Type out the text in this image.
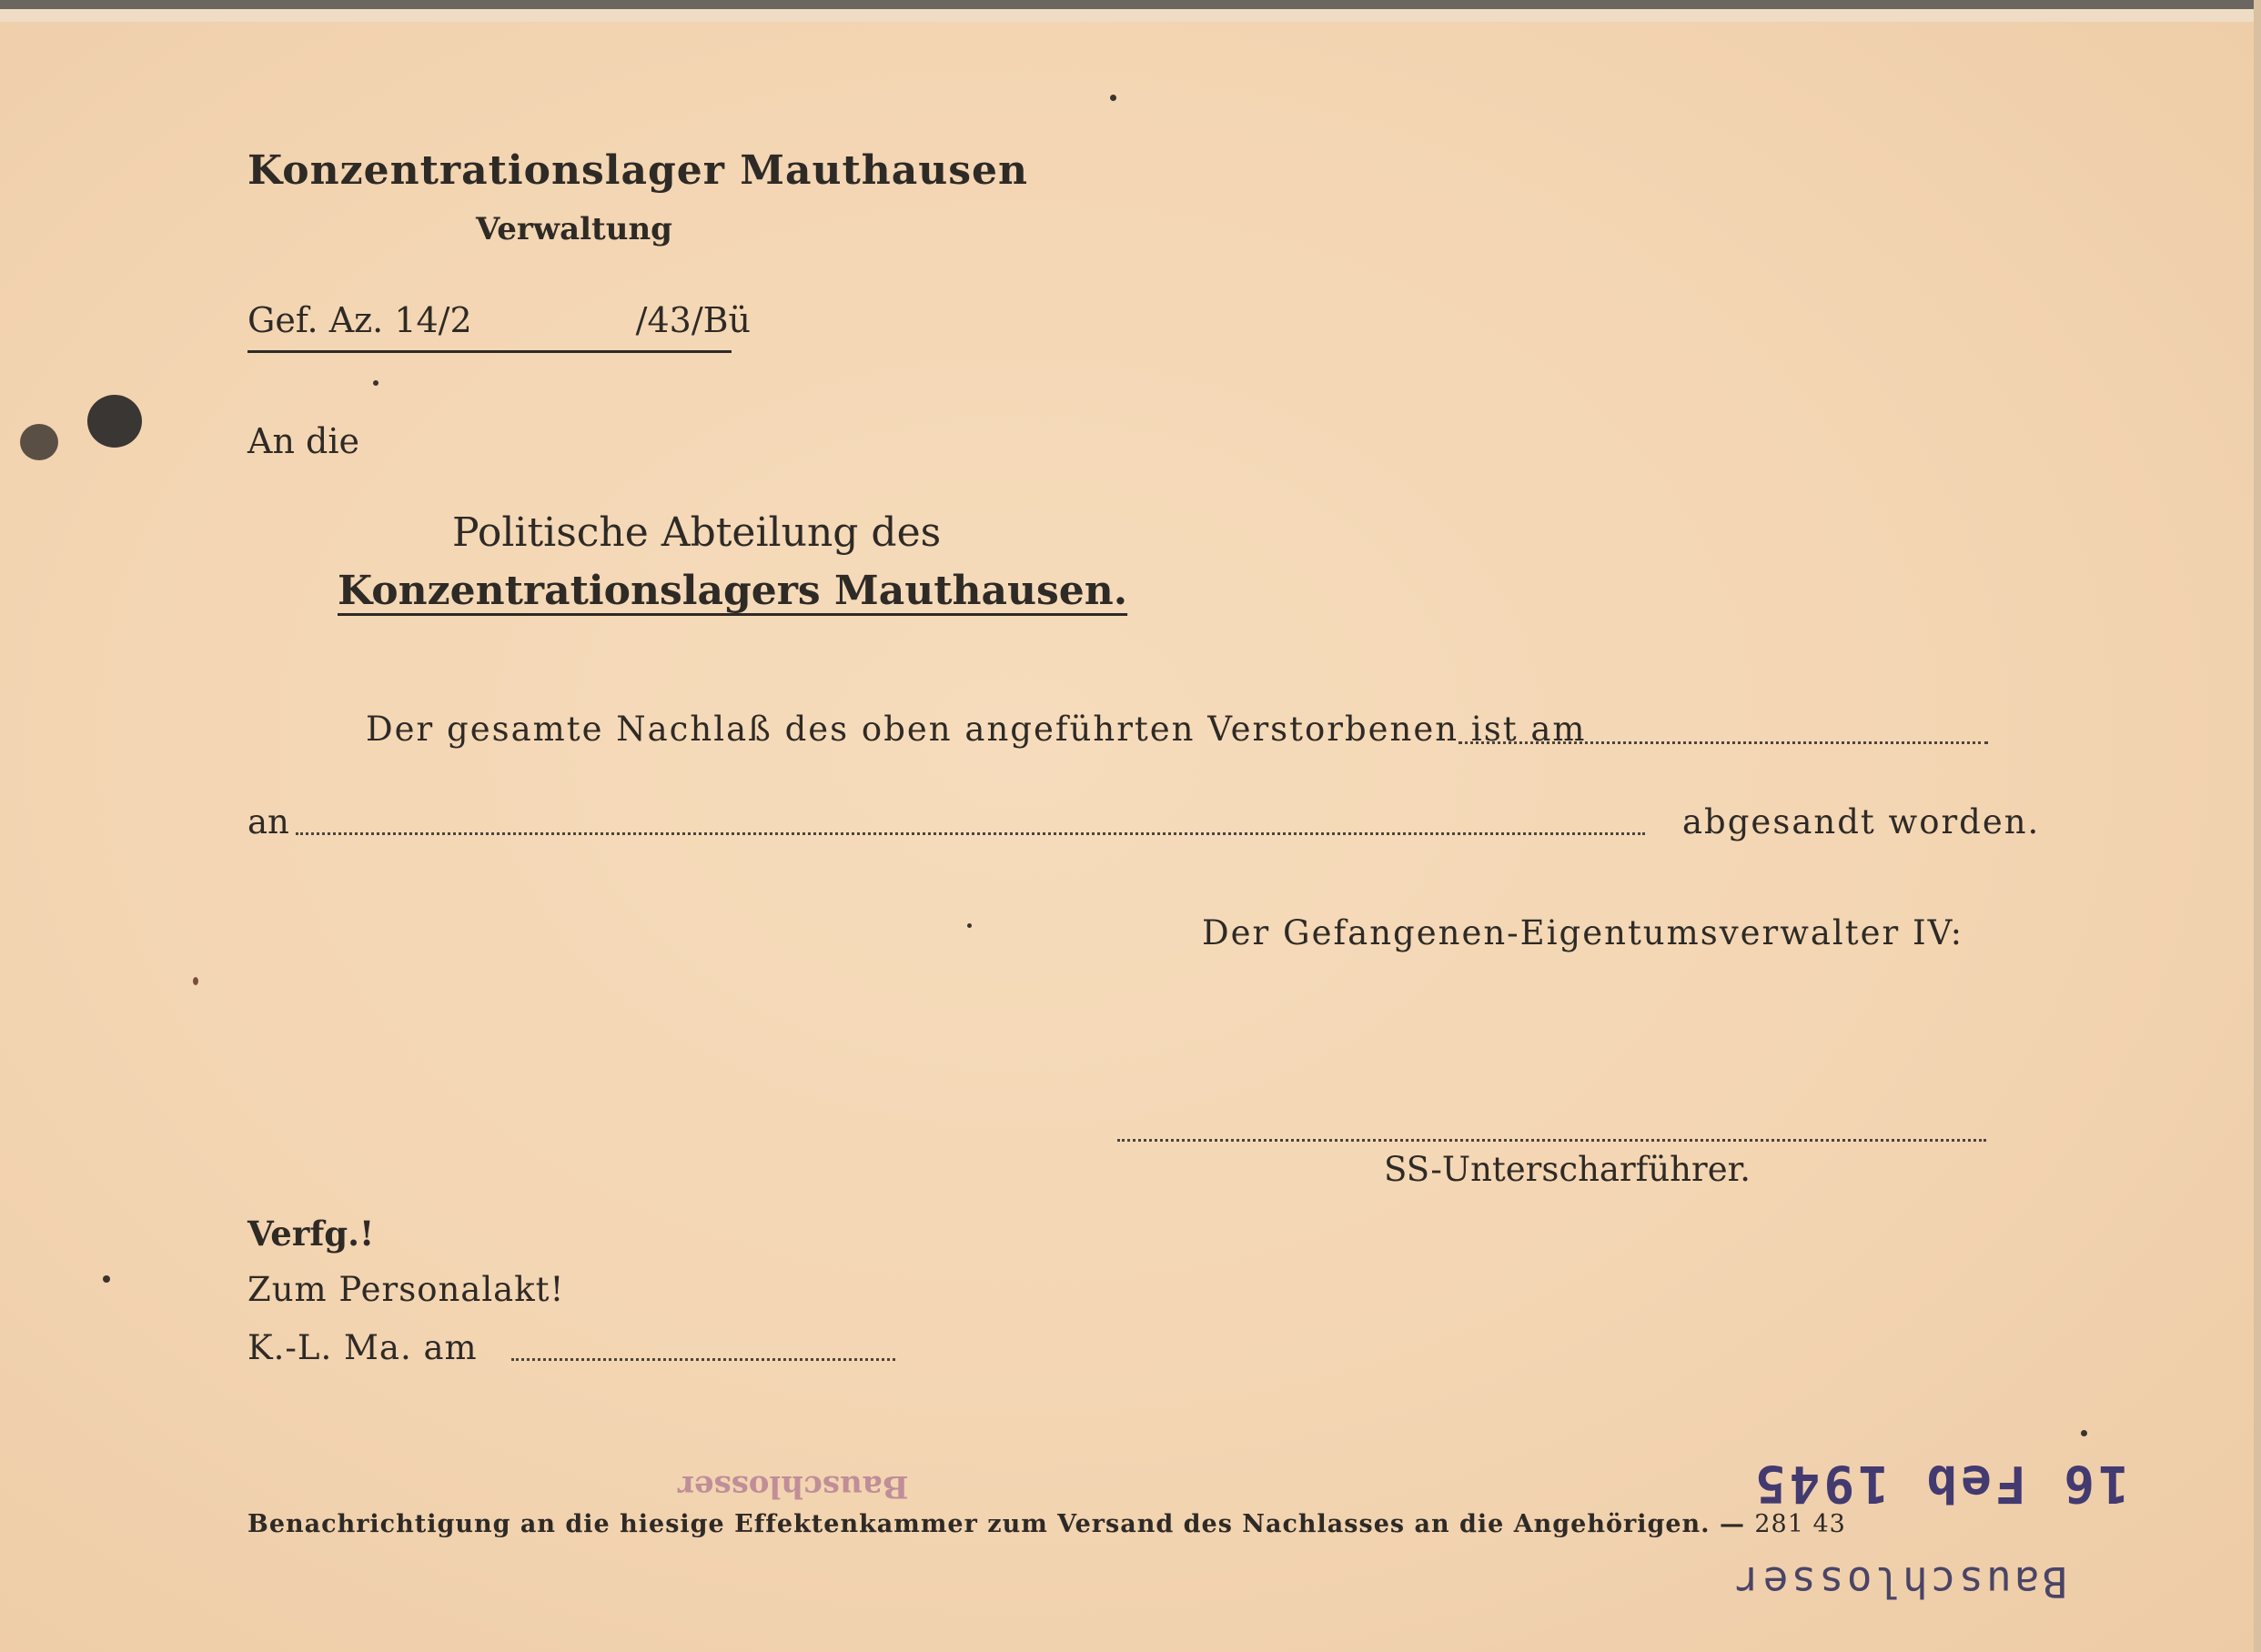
Konzentrationslager Mauthausen
Verwaltung
Gef. Az. 14/2	/43/Bü
An die
Politische Abteilung des
Konzentrationslagers Mauthausen.
Der gesamte Nachlaß des oben angeführten Verstorbenen ist am
an	abgesandt worden.
Der Gefangenen-Eigentumsverwalter IV:
SS-Unterscharführer.
Verfg.!
Zum Personalakt!
K.-L. Ma. am
Bauschlosser	16 Feb 1945
Benachrichtigung an die hiesige Effektenkammer zum Versand des Nachlasses an die Angehörigen. — 281 43
Bauschlosser
